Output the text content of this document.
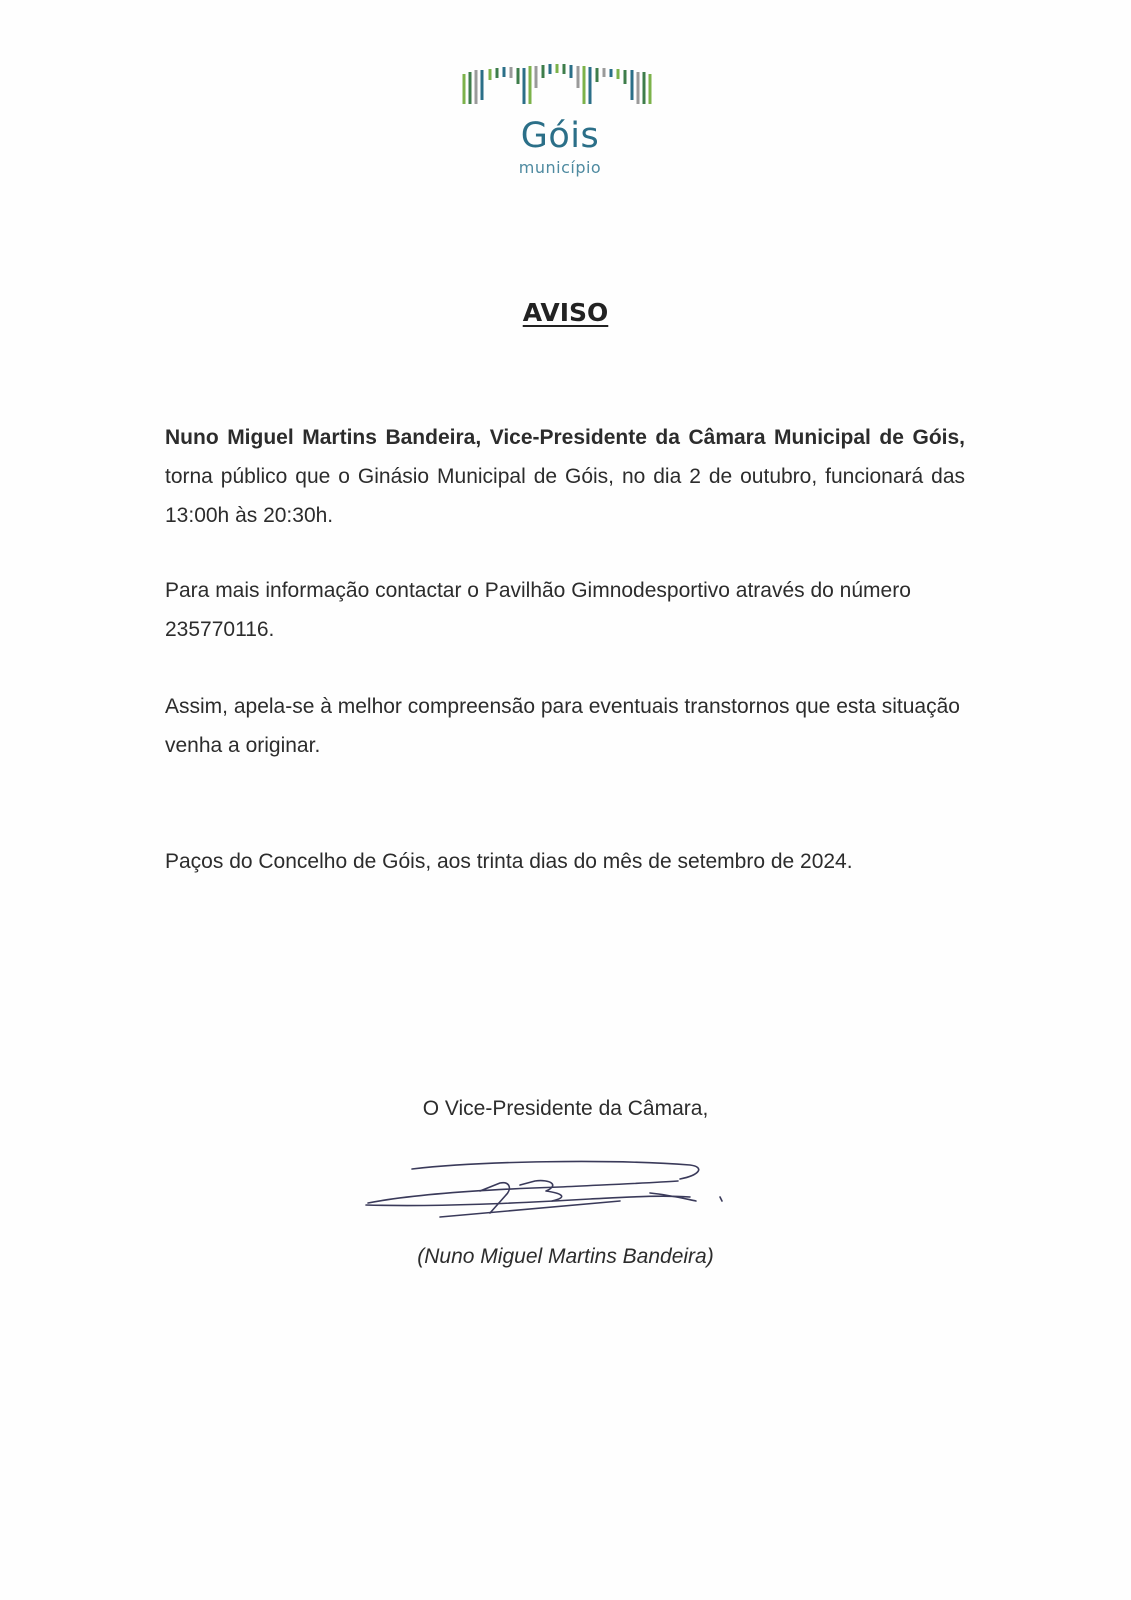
Góis
município
AVISO

Nuno Miguel Martins Bandeira, Vice-Presidente da Câmara Municipal de Góis, torna público que o Ginásio Municipal de Góis, no dia 2 de outubro, funcionará das 13:00h às 20:30h.

Para mais informação contactar o Pavilhão Gimnodesportivo através do número 235770116.

Assim, apela-se à melhor compreensão para eventuais transtornos que esta situação venha a originar.

Paços do Concelho de Góis, aos trinta dias do mês de setembro de 2024.

O Vice-Presidente da Câmara,
(Nuno Miguel Martins Bandeira)
